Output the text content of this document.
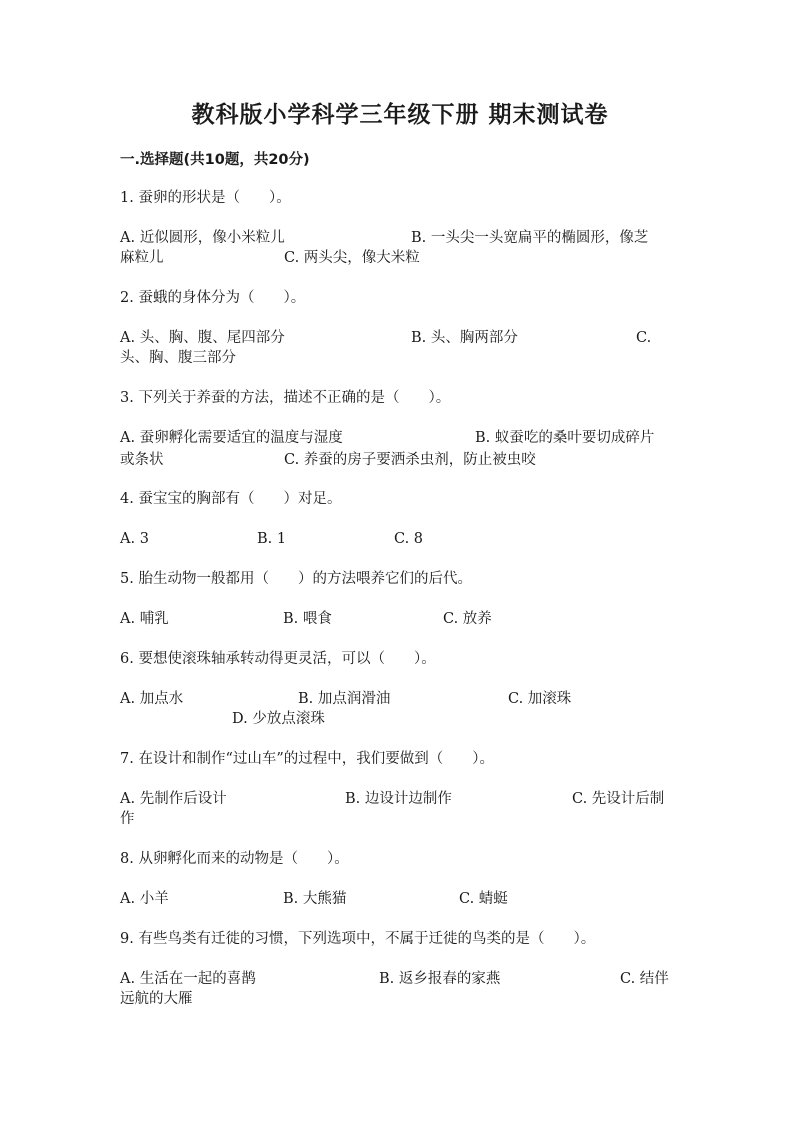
教科版小学科学三年级下册 期末测试卷
一.选择题(共10题，共20分)
1. 蚕卵的形状是（　　）。
A. 近似圆形，像小米粒儿	B. 一头尖一头宽扁平的椭圆形，像芝
麻粒儿	C. 两头尖，像大米粒
2. 蚕蛾的身体分为（　　）。
A. 头、胸、腹、尾四部分	B. 头、胸两部分	C.
头、胸、腹三部分
3. 下列关于养蚕的方法，描述不正确的是（　　）。
A. 蚕卵孵化需要适宜的温度与湿度	B. 蚁蚕吃的桑叶要切成碎片
或条状	C. 养蚕的房子要洒杀虫剂，防止被虫咬
4. 蚕宝宝的胸部有（　　）对足。
A. 3	B. 1	C. 8
5. 胎生动物一般都用（　　）的方法喂养它们的后代。
A. 哺乳	B. 喂食	C. 放养
6. 要想使滚珠轴承转动得更灵活，可以（　　）。
A. 加点水	B. 加点润滑油	C. 加滚珠
D. 少放点滚珠
7. 在设计和制作“过山车”的过程中，我们要做到（　　）。
A. 先制作后设计	B. 边设计边制作	C. 先设计后制
作
8. 从卵孵化而来的动物是（　　）。
A. 小羊	B. 大熊猫	C. 蜻蜓
9. 有些鸟类有迁徙的习惯，下列选项中，不属于迁徙的鸟类的是（　　）。
A. 生活在一起的喜鹊	B. 返乡报春的家燕	C. 结伴
远航的大雁
